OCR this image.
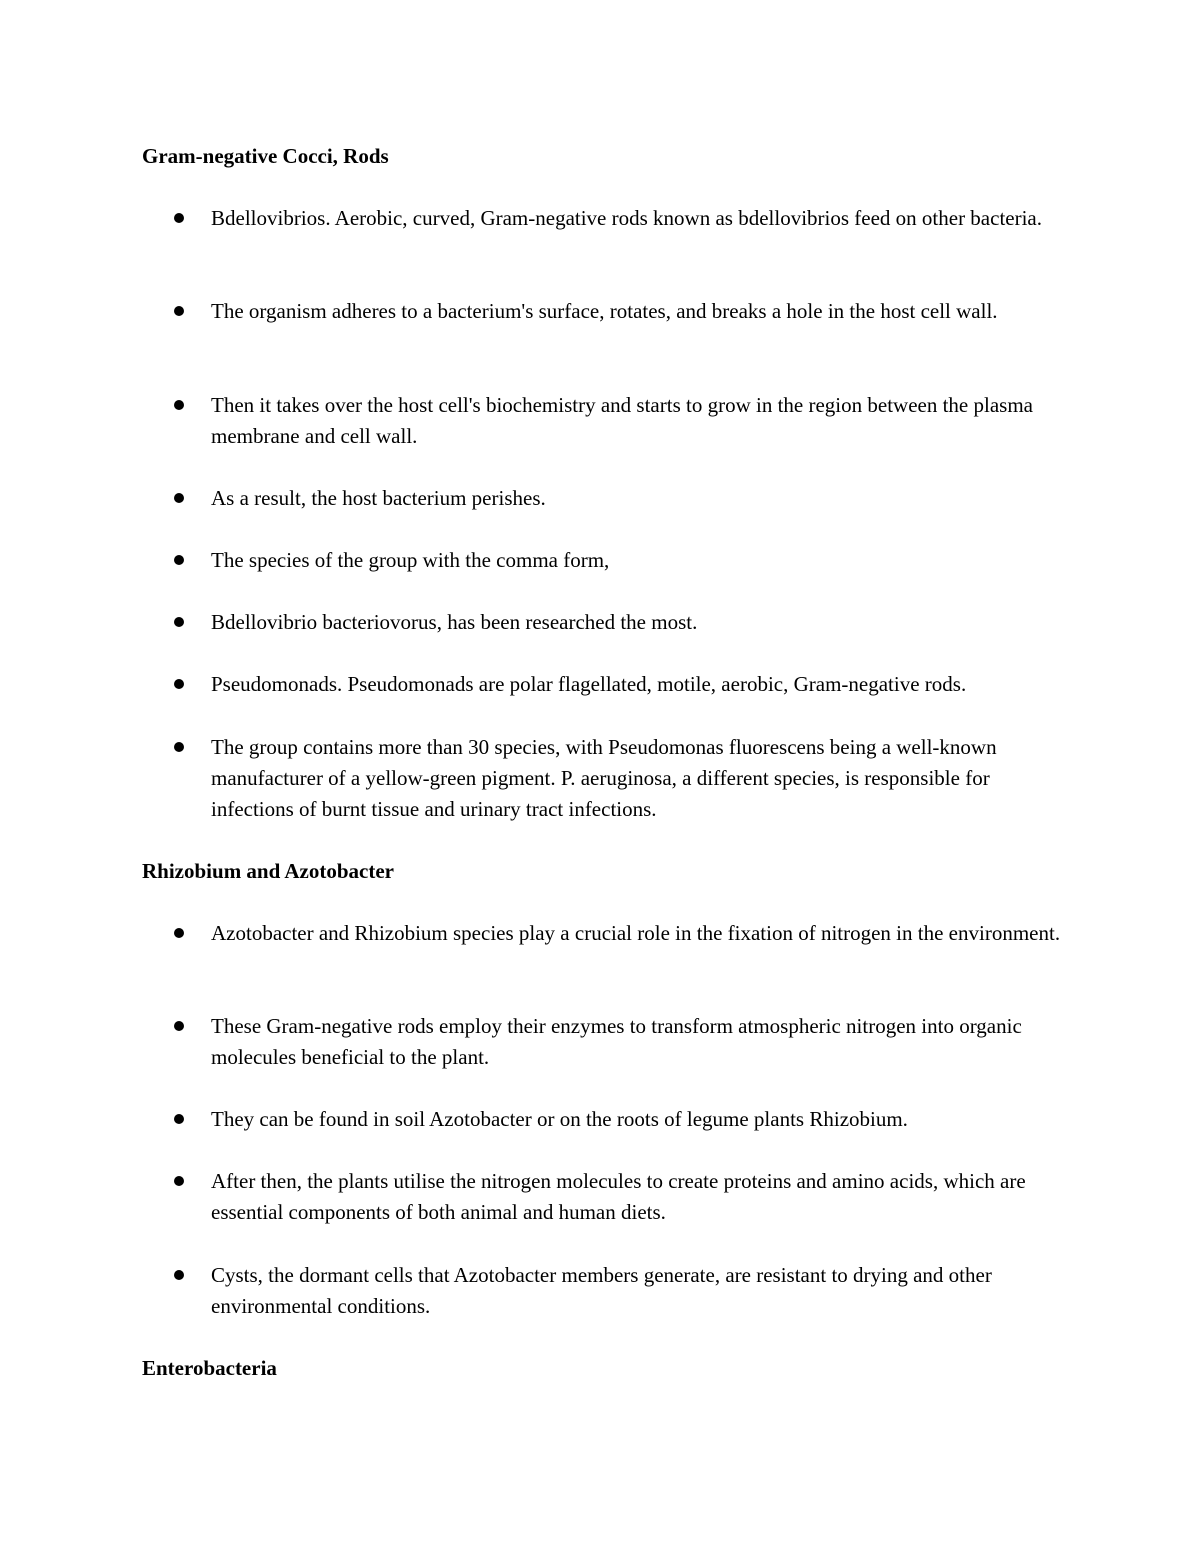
Gram-negative Cocci, Rods

Bdellovibrios. Aerobic, curved, Gram-negative rods known as bdellovibrios feed on other bacteria.

The organism adheres to a bacterium's surface, rotates, and breaks a hole in the host cell wall.

Then it takes over the host cell's biochemistry and starts to grow in the region between the plasma membrane and cell wall.

As a result, the host bacterium perishes.

The species of the group with the comma form,

Bdellovibrio bacteriovorus, has been researched the most.

Pseudomonads. Pseudomonads are polar flagellated, motile, aerobic, Gram-negative rods.

The group contains more than 30 species, with Pseudomonas fluorescens being a well-known manufacturer of a yellow-green pigment. P. aeruginosa, a different species, is responsible for infections of burnt tissue and urinary tract infections.

Rhizobium and Azotobacter

Azotobacter and Rhizobium species play a crucial role in the fixation of nitrogen in the environment.

These Gram-negative rods employ their enzymes to transform atmospheric nitrogen into organic molecules beneficial to the plant.

They can be found in soil Azotobacter or on the roots of legume plants Rhizobium.

After then, the plants utilise the nitrogen molecules to create proteins and amino acids, which are essential components of both animal and human diets.

Cysts, the dormant cells that Azotobacter members generate, are resistant to drying and other environmental conditions.

Enterobacteria
